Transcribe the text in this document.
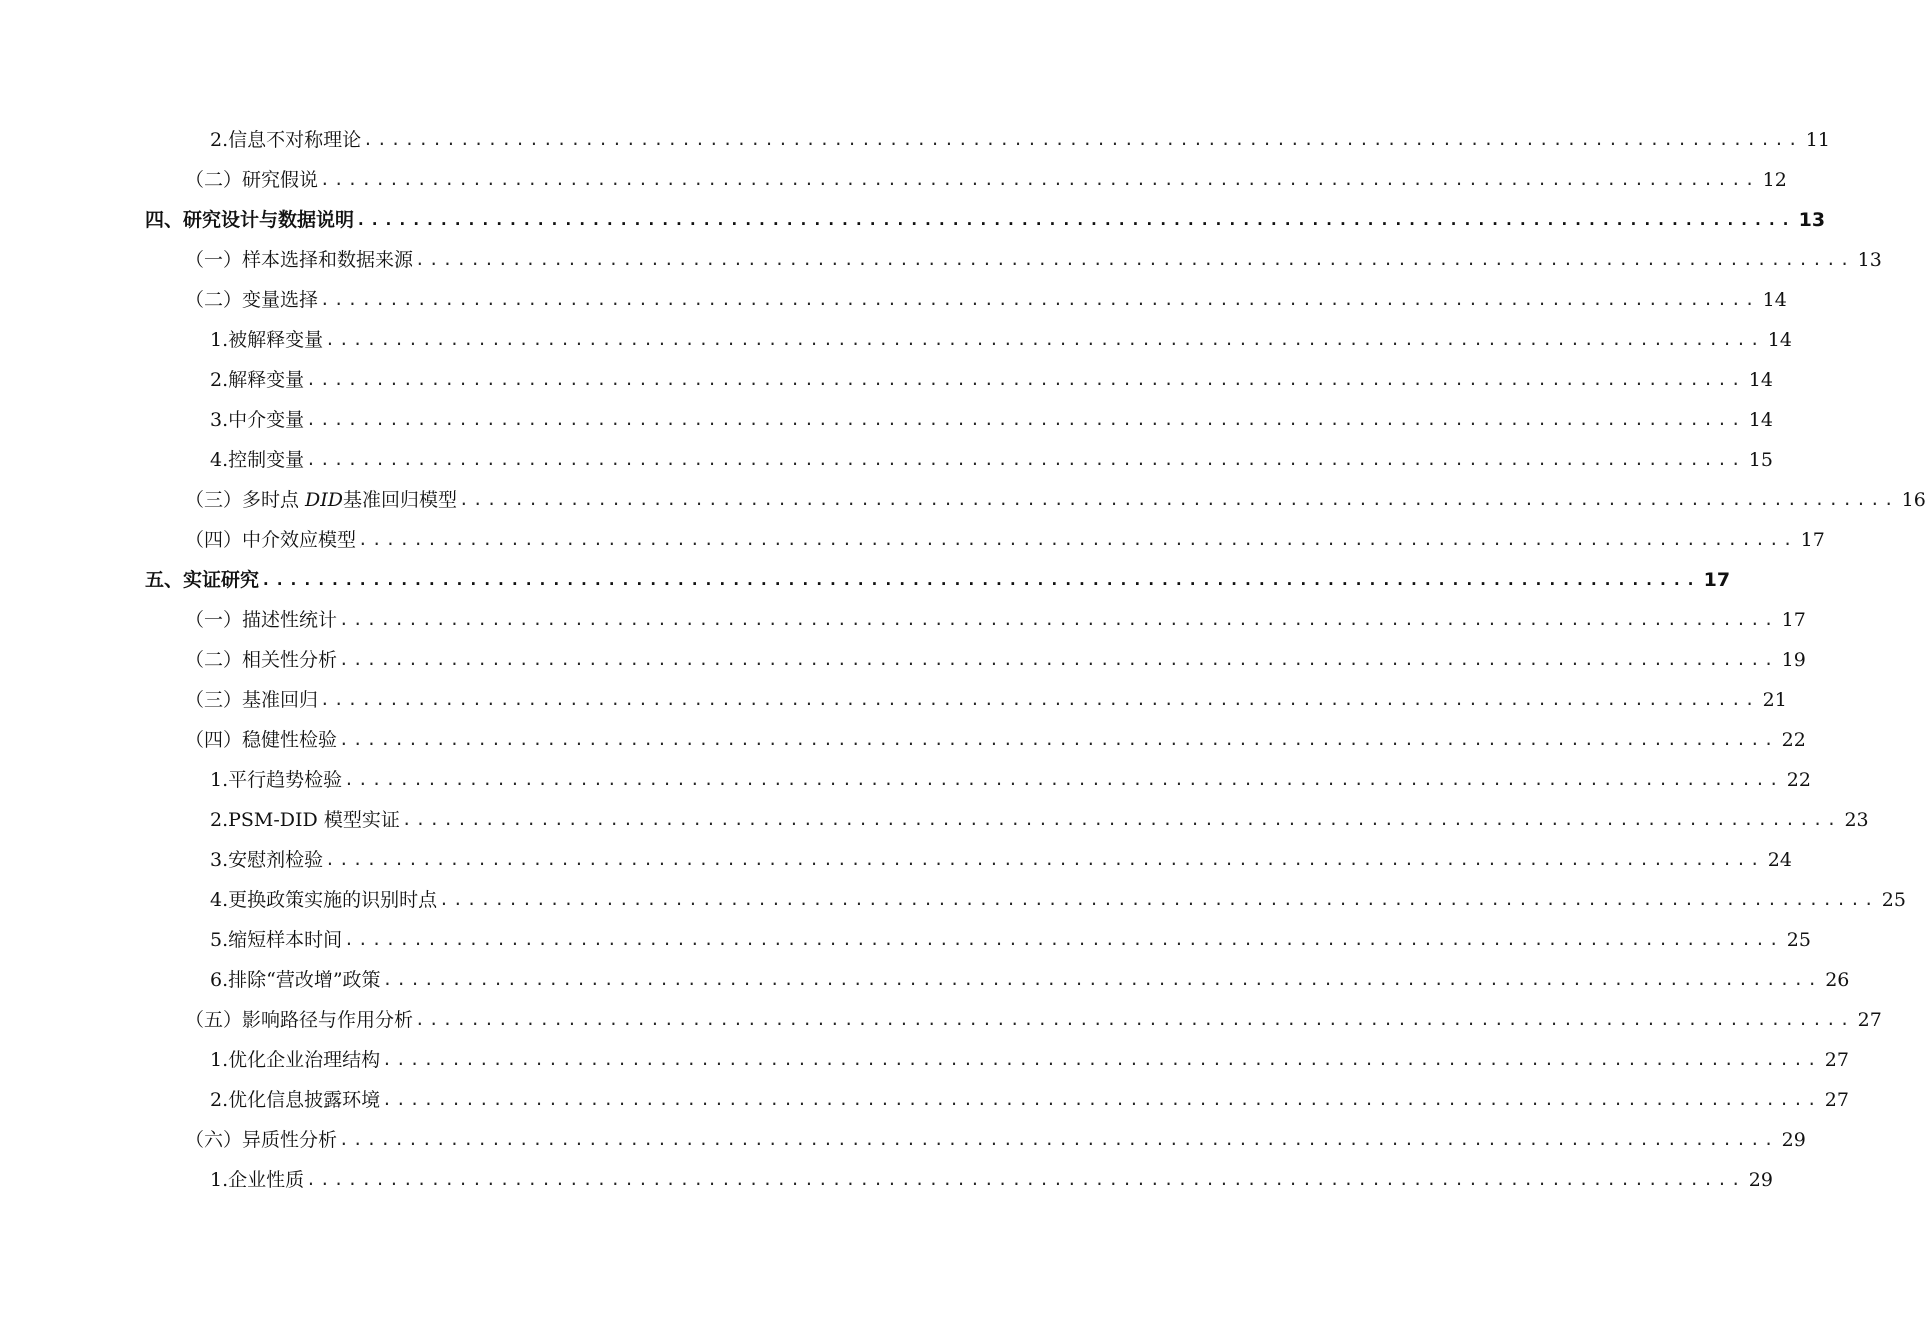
2.信息不对称理论 ........................................................................................................ 11
（二）研究假说 ........................................................................................................ 12
四、研究设计与数据说明 ........................................................................................................ 13
（一）样本选择和数据来源 ........................................................................................................ 13
（二）变量选择 ........................................................................................................ 14
1.被解释变量 ........................................................................................................ 14
2.解释变量 ........................................................................................................ 14
3.中介变量 ........................................................................................................ 14
4.控制变量 ........................................................................................................ 15
（三）多时点 DID基准回归模型 ........................................................................................................ 16
（四）中介效应模型 ........................................................................................................ 17
五、实证研究 ........................................................................................................ 17
（一）描述性统计 ........................................................................................................ 17
（二）相关性分析 ........................................................................................................ 19
（三）基准回归 ........................................................................................................ 21
（四）稳健性检验 ........................................................................................................ 22
1.平行趋势检验 ........................................................................................................ 22
2.PSM-DID 模型实证 ........................................................................................................ 23
3.安慰剂检验 ........................................................................................................ 24
4.更换政策实施的识别时点 ........................................................................................................ 25
5.缩短样本时间 ........................................................................................................ 25
6.排除“营改增”政策 ........................................................................................................ 26
（五）影响路径与作用分析 ........................................................................................................ 27
1.优化企业治理结构 ........................................................................................................ 27
2.优化信息披露环境 ........................................................................................................ 27
（六）异质性分析 ........................................................................................................ 29
1.企业性质 ........................................................................................................ 29
